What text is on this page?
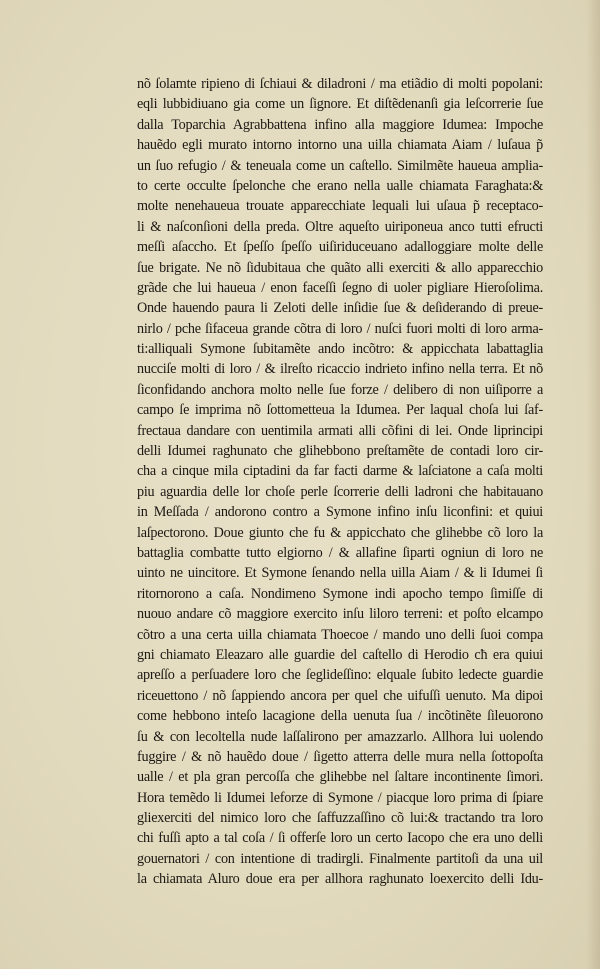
nõ ſolamte ripieno di ſchiaui & diladroni / ma etiãdio di molti popolani:
eqli lubbidiuano gia come un ſignore. Et diſtẽdenanſi gia leſcorrerie ſue
dalla Toparchia Agrabbattena infino alla maggiore Idumea: Impoche
hauẽdo egli murato intorno intorno una uilla chiamata Aiam / luſaua p̃
un ſuo refugio / & teneuala come un caſtello. Similmẽte haueua amplia-
to certe occulte ſpelonche che erano nella ualle chiamata Faraghata:&
molte nenehaueua trouate apparecchiate lequali lui uſaua p̃ receptaco-
li & naſconſioni della preda. Oltre aqueſto uiriponeua anco tutti efructi
meſſi aſaccho. Et ſpeſſo ſpeſſo uiſiriduceuano adalloggiare molte delle
ſue brigate. Ne nõ ſidubitaua che quãto alli exerciti & allo apparecchio
grãde che lui haueua / enon faceſſi ſegno di uoler pigliare Hieroſolima.
Onde hauendo paura li Zeloti delle inſidie ſue & deſiderando di preue-
nirlo / pche ſifaceua grande cõtra di loro / nuſci fuori molti di loro arma-
ti:alliquali Symone ſubitamẽte ando incõtro: & appicchata labattaglia
nucciſe molti di loro / & ilreſto ricaccio indrieto infino nella terra. Et nõ
ſiconfidando anchora molto nelle ſue forze / delibero di non uiſiporre a
campo ſe imprima nõ ſottometteua la Idumea. Per laqual choſa lui ſaf-
frectaua dandare con uentimila armati alli cõfini di lei. Onde liprincipi
delli Idumei raghunato che glihebbono preſtamẽte de contadi loro cir-
cha a cinque mila ciptadini da far facti darme & laſciatone a caſa molti
piu aguardia delle lor choſe perle ſcorrerie delli ladroni che habitauano
in Meſſada / andorono contro a Symone infino inſu liconfini: et quiui
laſpectorono. Doue giunto che fu & appicchato che glihebbe cõ loro la
battaglia combatte tutto elgiorno / & allafine ſiparti ogniun di loro ne
uinto ne uincitore. Et Symone ſenando nella uilla Aiam / & li Idumei ſi
ritornorono a caſa. Nondimeno Symone indi apocho tempo ſimiſſe di
nuouo andare cõ maggiore exercito inſu liloro terreni: et poſto elcampo
cõtro a una certa uilla chiamata Thoecoe / mando uno delli ſuoi compa
gni chiamato Eleazaro alle guardie del caſtello di Herodio cħ era quiui
apreſſo a perſuadere loro che ſeglideſſino: elquale ſubito ledecte guardie
riceuettono / nõ ſappiendo ancora per quel che uifuſſi uenuto. Ma dipoi
come hebbono inteſo lacagione della uenuta ſua / incõtinẽte ſileuorono
ſu & con lecoltella nude laſſalirono per amazzarlo. Allhora lui uolendo
fuggire / & nõ hauẽdo doue / ſigetto atterra delle mura nella ſottopoſta
ualle / et pla gran percoſſa che glihebbe nel ſaltare incontinente ſimori.
Hora temẽdo li Idumei leforze di Symone / piacque loro prima di ſpiare
gliexerciti del nimico loro che ſaffuzzaſſino cõ lui:& tractando tra loro
chi fuſſi apto a tal coſa / ſi offerſe loro un certo Iacopo che era uno delli
gouernatori / con intentione di tradirgli. Finalmente partitoſi da una uil
la chiamata Aluro doue era per allhora raghunato loexercito delli Idu-
